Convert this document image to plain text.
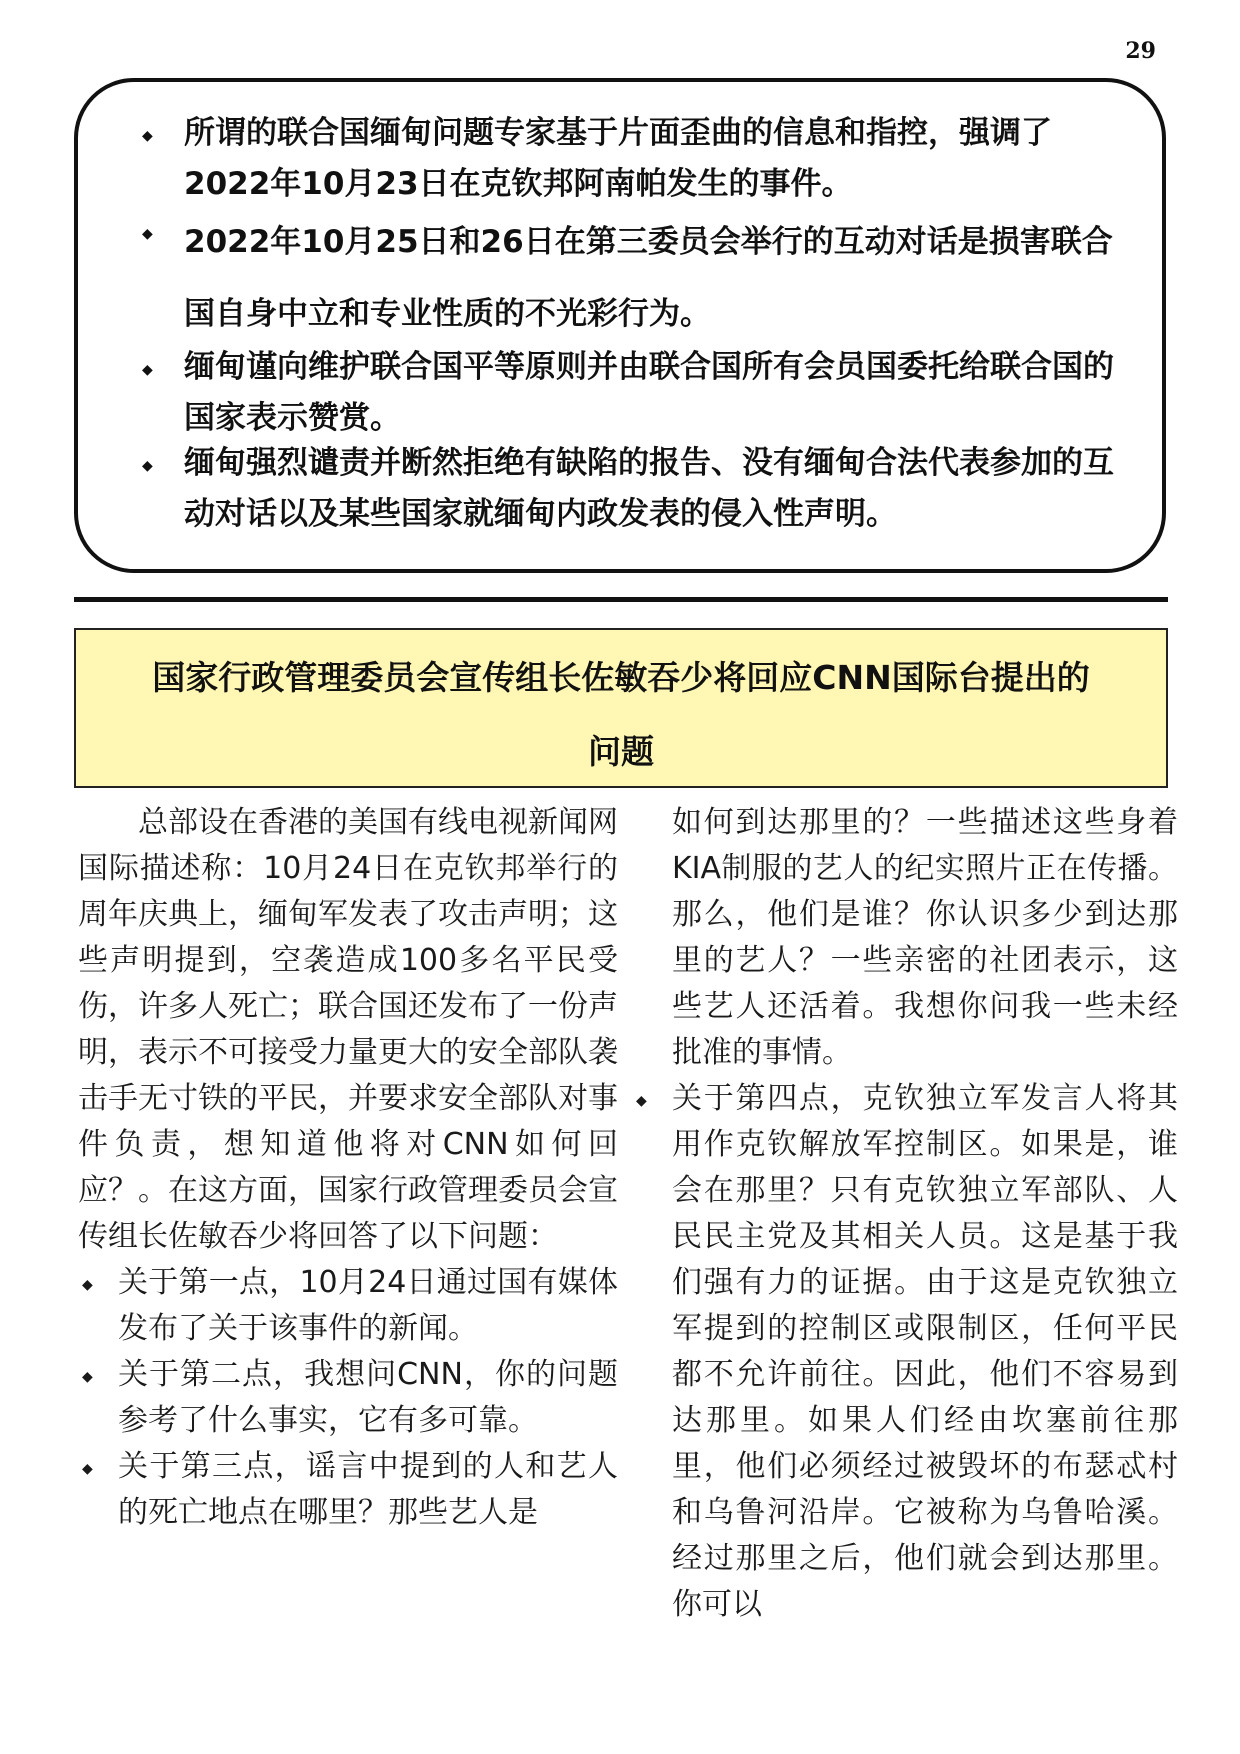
29
◆ 所谓的联合国缅甸问题专家基于片面歪曲的信息和指控，强调了2022年10月23日在克钦邦阿南帕发生的事件。
◆ 2022年10月25日和26日在第三委员会举行的互动对话是损害联合国自身中立和专业性质的不光彩行为。
◆ 缅甸谨向维护联合国平等原则并由联合国所有会员国委托给联合国的国家表示赞赏。
◆ 缅甸强烈谴责并断然拒绝有缺陷的报告、没有缅甸合法代表参加的互动对话以及某些国家就缅甸内政发表的侵入性声明。
国家行政管理委员会宣传组长佐敏吞少将回应CNN国际台提出的
问题

总部设在香港的美国有线电视新闻网国际描述称：10月24日在克钦邦举行的周年庆典上，缅甸军发表了攻击声明；这些声明提到，空袭造成100多名平民受伤，许多人死亡；联合国还发布了一份声明，表示不可接受力量更大的安全部队袭击手无寸铁的平民，并要求安全部队对事件负责，想知道他将对CNN如何回应？。在这方面，国家行政管理委员会宣传组长佐敏吞少将回答了以下问题：

◆ 关于第一点，10月24日通过国有媒体发布了关于该事件的新闻。
◆ 关于第二点，我想问CNN，你的问题参考了什么事实，它有多可靠。
◆ 关于第三点，谣言中提到的人和艺人的死亡地点在哪里？那些艺人是

如何到达那里的？一些描述这些身着KIA制服的艺人的纪实照片正在传播。那么，他们是谁？你认识多少到达那里的艺人？一些亲密的社团表示，这些艺人还活着。我想你问我一些未经批准的事情。

◆ 关于第四点，克钦独立军发言人将其用作克钦解放军控制区。如果是，谁会在那里？只有克钦独立军部队、人民民主党及其相关人员。这是基于我们强有力的证据。由于这是克钦独立军提到的控制区或限制区，任何平民都不允许前往。因此，他们不容易到达那里。如果人们经由坎塞前往那里，他们必须经过被毁坏的布瑟忒村和乌鲁河沿岸。它被称为乌鲁哈溪。经过那里之后，他们就会到达那里。你可以
